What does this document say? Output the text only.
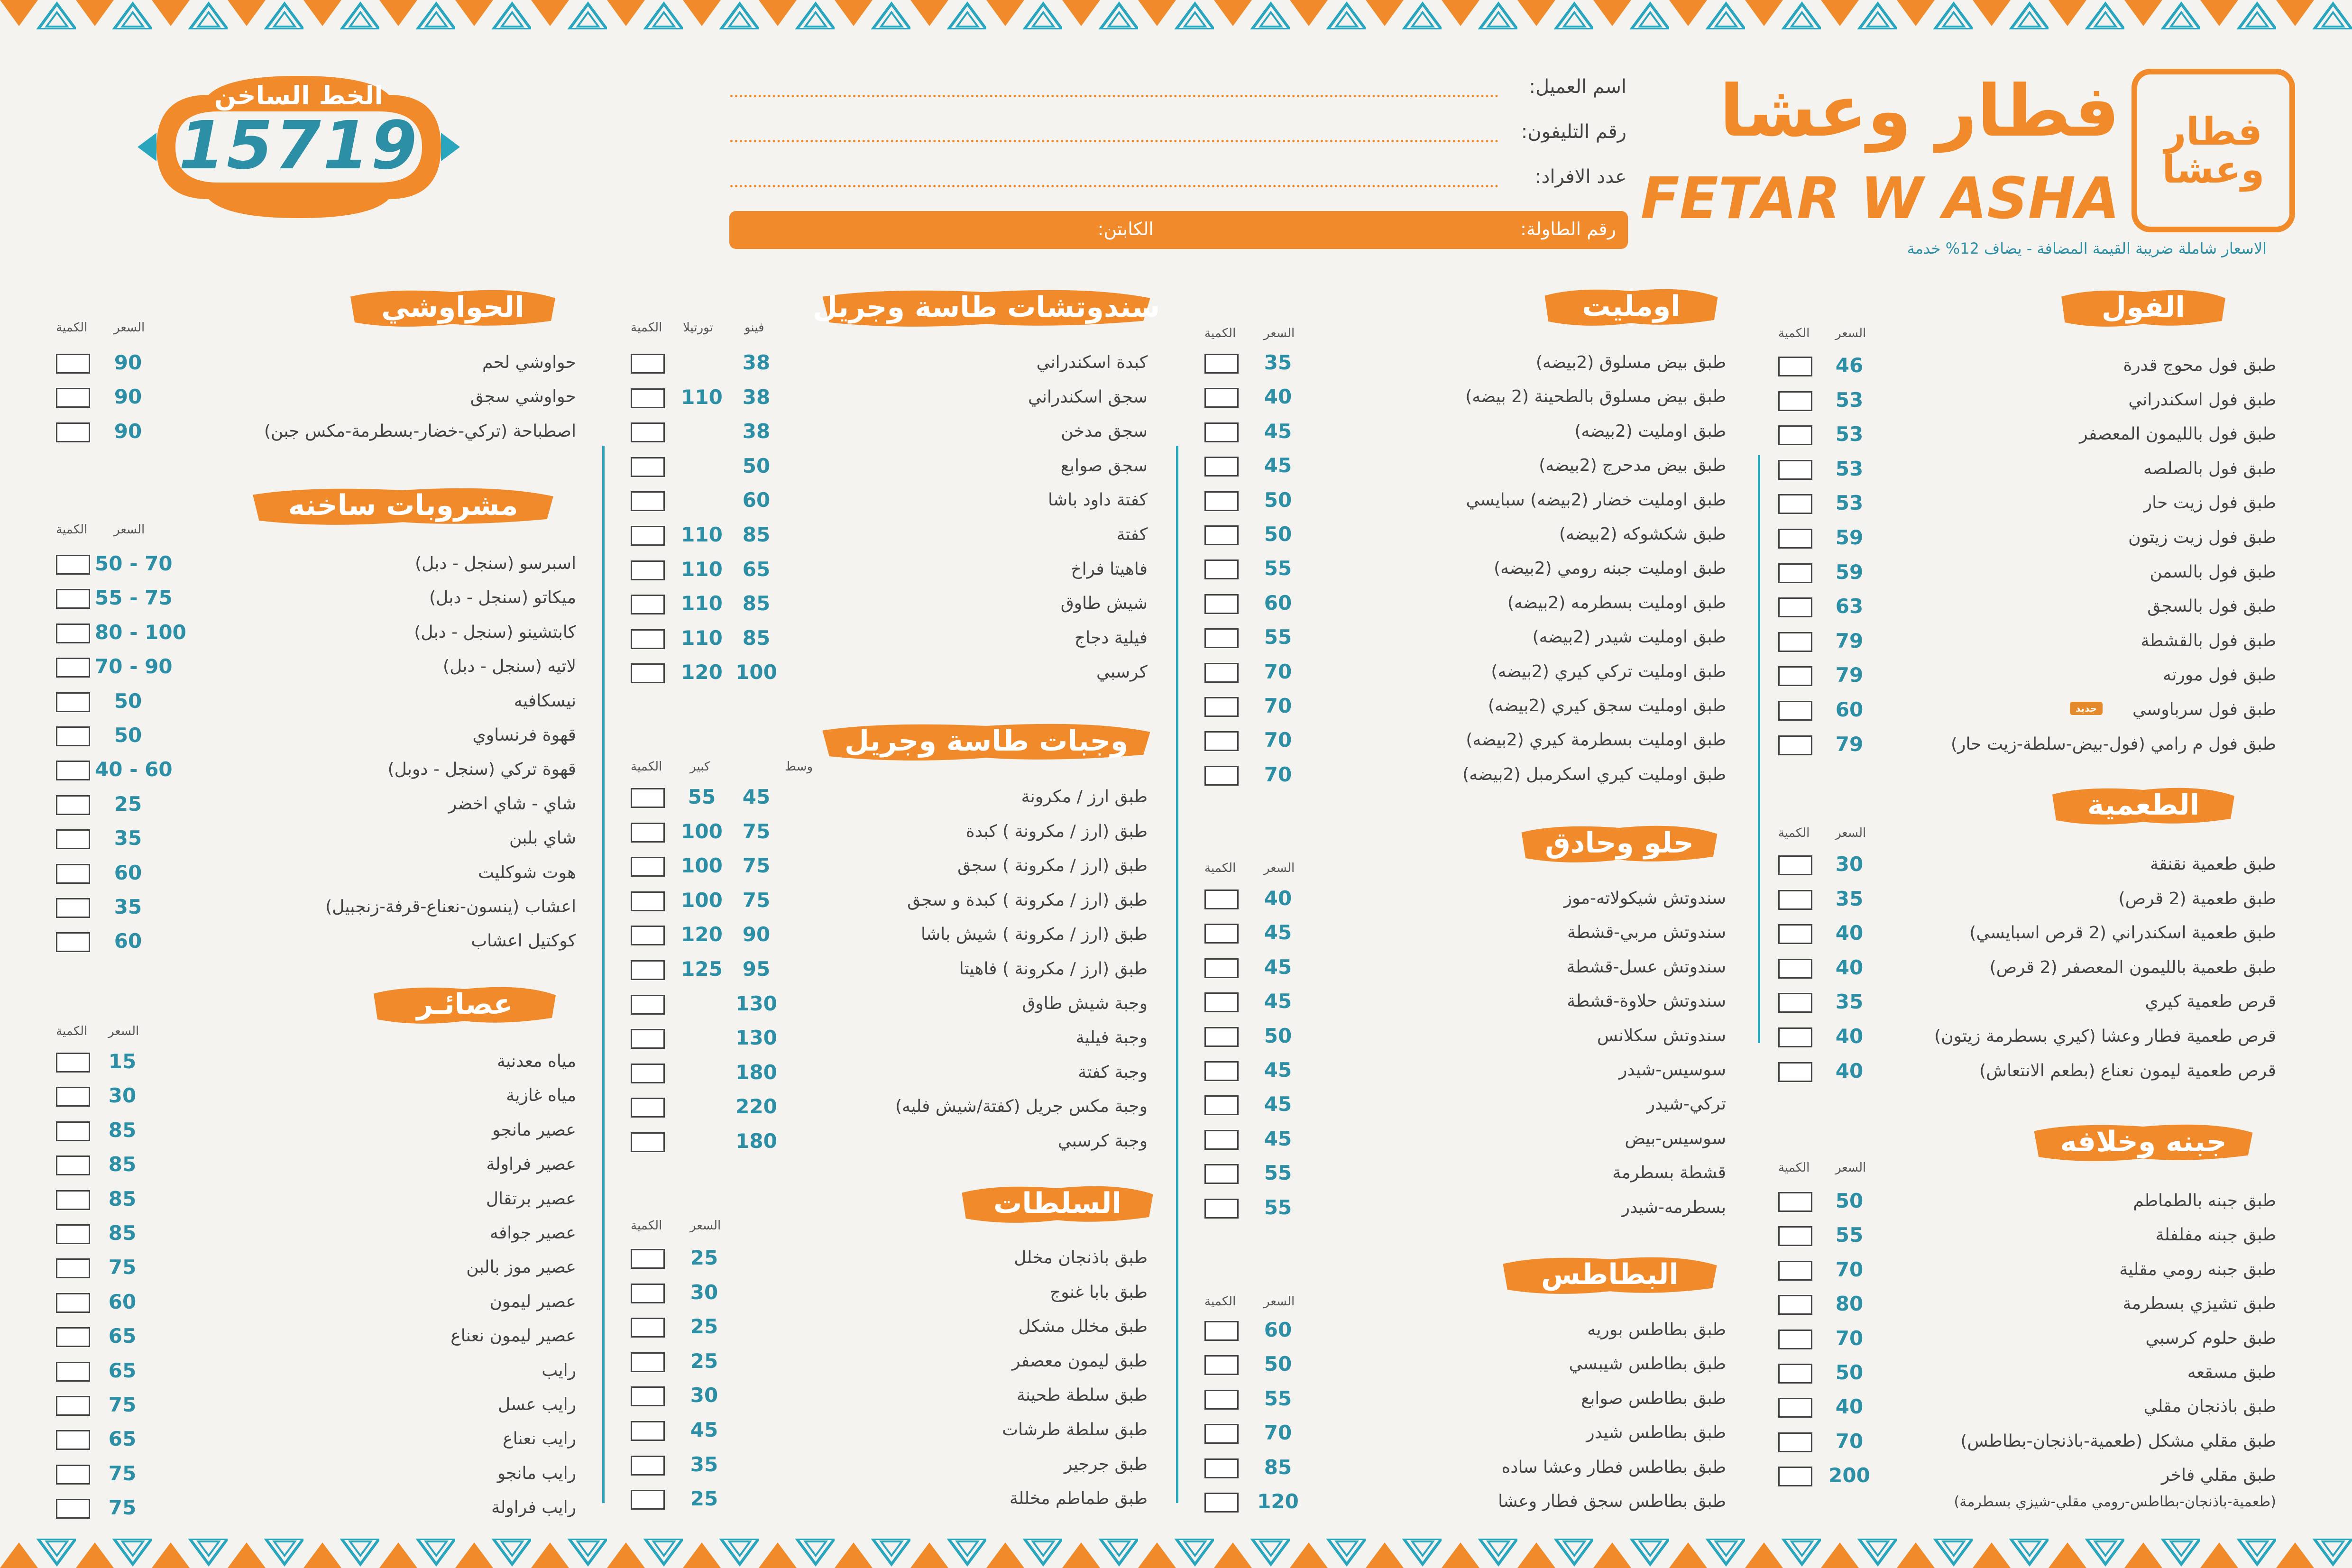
فطار وعشا
فطار وعشا
FETAR W ASHA
الاسعار شاملة ضريبة القيمة المضافة - يضاف 12% خدمة
الخط الساخن
15719
اسم العميل:
رقم التليفون:
عدد الافراد:
رقم الطاولة:
الكابتن:
الفول
السعر
الكمية
طبق فول محوج قدرة
46
طبق فول اسكندراني
53
طبق فول بالليمون المعصفر
53
طبق فول بالصلصه
53
طبق فول زيت حار
53
طبق فول زيت زيتون
59
طبق فول بالسمن
59
طبق فول بالسجق
63
طبق فول بالقشطة
79
طبق فول مورته
79
طبق فول سرباوسي
60
طبق فول م رامي (فول-بيض-سلطة-زيت حار)
79
جديد
الطعمية
السعر
الكمية
طبق طعمية نقنقة
30
طبق طعمية (2 قرص)
35
طبق طعمية اسكندراني (2 قرص اسبايسي)
40
طبق طعمية بالليمون المعصفر (2 قرص)
40
قرص طعمية كيري
35
قرص طعمية فطار وعشا (كيري بسطرمة زيتون)
40
قرص طعمية ليمون نعناع (بطعم الانتعاش)
40
جبنه وخلافه
السعر
الكمية
طبق جبنه بالطماطم
50
طبق جبنه مفلفلة
55
طبق جبنه رومي مقلية
70
طبق تشيزي بسطرمة
80
طبق حلوم كرسبي
70
طبق مسقعه
50
طبق باذنجان مقلي
40
طبق مقلي مشكل (طعمية-باذنجان-بطاطس)
70
طبق مقلي فاخر
200
(طعمية-باذنجان-بطاطس-رومي مقلي-شيزي بسطرمة)
اومليت
السعر
الكمية
طبق بيض مسلوق (2بيضه)
35
طبق بيض مسلوق بالطحينة (2 بيضه)
40
طبق اومليت (2بيضه)
45
طبق بيض مدحرج (2بيضه)
45
طبق اومليت خضار (2بيضه) سبايسي
50
طبق شكشوكه (2بيضه)
50
طبق اومليت جبنه رومي (2بيضه)
55
طبق اومليت بسطرمه (2بيضه)
60
طبق اومليت شيدر (2بيضه)
55
طبق اومليت تركي كيري (2بيضه)
70
طبق اومليت سجق كيري (2بيضه)
70
طبق اومليت بسطرمة كيري (2بيضه)
70
طبق اومليت كيري اسكرمبل (2بيضه)
70
حلو وحادق
السعر
الكمية
سندوتش شيكولاته-موز
40
سندوتش مربي-قشطة
45
سندوتش عسل-قشطة
45
سندوتش حلاوة-قشطة
45
سندوتش سكلانس
50
سوسيس-شيدر
45
تركي-شيدر
45
سوسيس-بيض
45
قشطة بسطرمة
55
بسطرمه-شيدر
55
البطاطس
السعر
الكمية
طبق بطاطس بوريه
60
طبق بطاطس شيبسي
50
طبق بطاطس صوابع
55
طبق بطاطس شيدر
70
طبق بطاطس فطار وعشا ساده
85
طبق بطاطس سجق فطار وعشا
120
سندوتشات طاسة وجريل
فينو
تورتيلا
الكمية
كبدة اسكندراني
38
سجق اسكندراني
38
110
سجق مدخن
38
سجق صوابع
50
كفتة داود باشا
60
كفتة
85
110
فاهيتا فراخ
65
110
شيش طاوق
85
110
فيلية دجاج
85
110
كرسبي
100
120
وجبات طاسة وجريل
وسط
كبير
الكمية
طبق ارز / مكرونة
45
55
طبق (ارز / مكرونة ) كبدة
75
100
طبق (ارز / مكرونة ) سجق
75
100
طبق (ارز / مكرونة ) كبدة و سجق
75
100
طبق (ارز / مكرونة ) شيش باشا
90
120
طبق (ارز / مكرونة ) فاهيتا
95
125
وجبة شيش طاوق
130
وجبة فيلية
130
وجبة كفتة
180
وجبة مكس جريل (كفتة/شيش فليه)
220
وجبة كرسبي
180
السلطات
السعر
الكمية
طبق باذنجان مخلل
25
طبق بابا غنوج
30
طبق مخلل مشكل
25
طبق ليمون معصفر
25
طبق سلطة طحينة
30
طبق سلطة طرشات
45
طبق جرجير
35
طبق طماطم مخللة
25
الحواوشي
السعر
الكمية
حواوشي لحم
90
حواوشي سجق
90
اصطباحة (تركي-خضار-بسطرمة-مكس جبن)
90
مشروبات ساخنه
السعر
الكمية
اسبرسو (سنجل - دبل)
50 - 70
ميكاتو (سنجل - دبل)
55 - 75
كابتشينو (سنجل - دبل)
80 - 100
لاتيه (سنجل - دبل)
70 - 90
نيسكافيه
50
قهوة فرنساوي
50
قهوة تركي (سنجل - دوبل)
40 - 60
شاي - شاي اخضر
25
شاي بلبن
35
هوت شوكليت
60
اعشاب (ينسون-نعناع-قرفة-زنجبيل)
35
كوكتيل اعشاب
60
عصائـر
السعر
الكمية
مياه معدنية
15
مياه غازية
30
عصير مانجو
85
عصير فراولة
85
عصير برتقال
85
عصير جوافه
85
عصير موز بالبن
75
عصير ليمون
60
عصير ليمون نعناع
65
رايب
65
رايب عسل
75
رايب نعناع
65
رايب مانجو
75
رايب فراولة
75
